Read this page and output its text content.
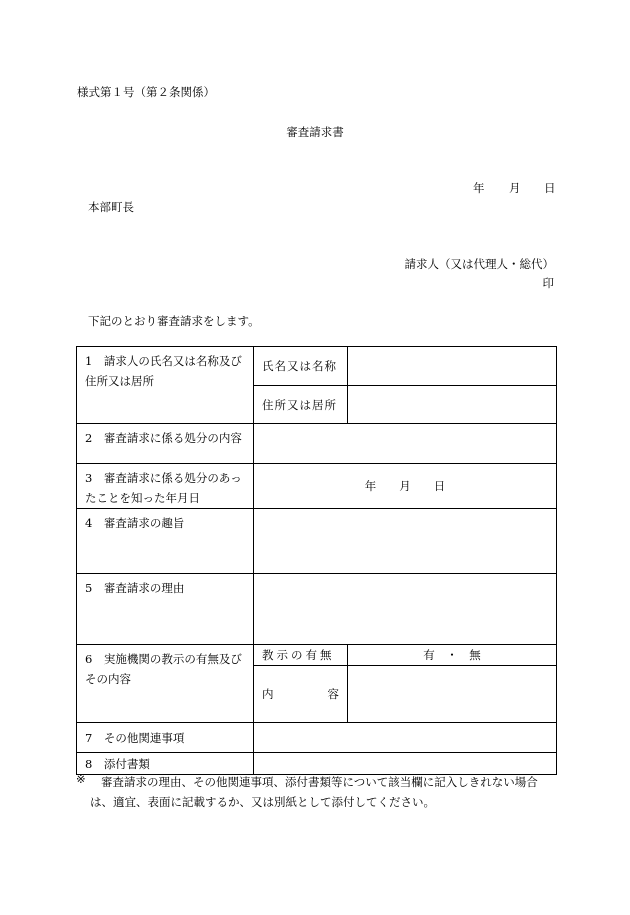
様式第１号（第２条関係）
審査請求書
年 月 日
本部町長
請求人（又は代理人・総代）
印
下記のとおり審査請求をします。
1　請求人の氏名又は名称及び住所又は居所	氏名又は名称	

	住所又は居所	

2　審査請求に係る処分の内容		
3　審査請求に係る処分のあったことを知った年月日	年　　月　　日	
4　審査請求の趣旨		
5　審査請求の理由		
6　実施機関の教示の有無及びその内容	教示の有無	有　・　無

	内 容	

7　その他関連事項		
8　添付書類		
※	審査請求の理由、その他関連事項、添付書類等について該当欄に記入しきれない場合は、適宜、表面に記載するか、又は別紙として添付してください。
